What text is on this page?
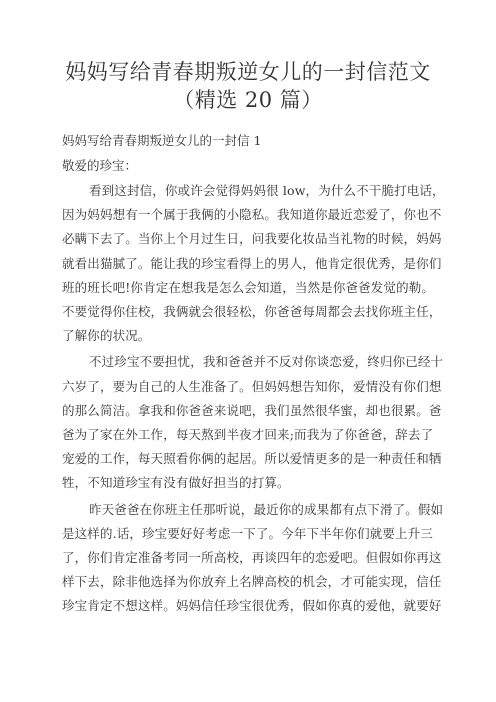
妈妈写给青春期叛逆女儿的一封信范文
（精选 20 篇）

妈妈写给青春期叛逆女儿的一封信 1

敬爱的珍宝：

看到这封信，你或许会觉得妈妈很 low，为什么不干脆打电话，
因为妈妈想有一个属于我俩的小隐私。我知道你最近恋爱了，你也不
必瞒下去了。当你上个月过生日，问我要化妆品当礼物的时候，妈妈
就看出猫腻了。能让我的珍宝看得上的男人，他肯定很优秀，是你们
班的班长吧!你肯定在想我是怎么会知道，当然是你爸爸发觉的勒。
不要觉得你住校，我俩就会很轻松，你爸爸每周都会去找你班主任，
了解你的状况。

不过珍宝不要担忧，我和爸爸并不反对你谈恋爱，终归你已经十
六岁了，要为自己的人生准备了。但妈妈想告知你，爱情没有你们想
的那么简洁。拿我和你爸爸来说吧，我们虽然很华蜜，却也很累。爸
爸为了家在外工作，每天熬到半夜才回来;而我为了你爸爸，辞去了
宠爱的工作，每天照看你俩的起居。所以爱情更多的是一种责任和牺
牲，不知道珍宝有没有做好担当的打算。

昨天爸爸在你班主任那听说，最近你的成果都有点下滑了。假如
是这样的.话，珍宝要好好考虑一下了。今年下半年你们就要上升三
了，你们肯定准备考同一所高校，再谈四年的恋爱吧。但假如你再这
样下去，除非他选择为你放弃上名牌高校的机会，才可能实现，信任
珍宝肯定不想这样。妈妈信任珍宝很优秀，假如你真的爱他，就要好
